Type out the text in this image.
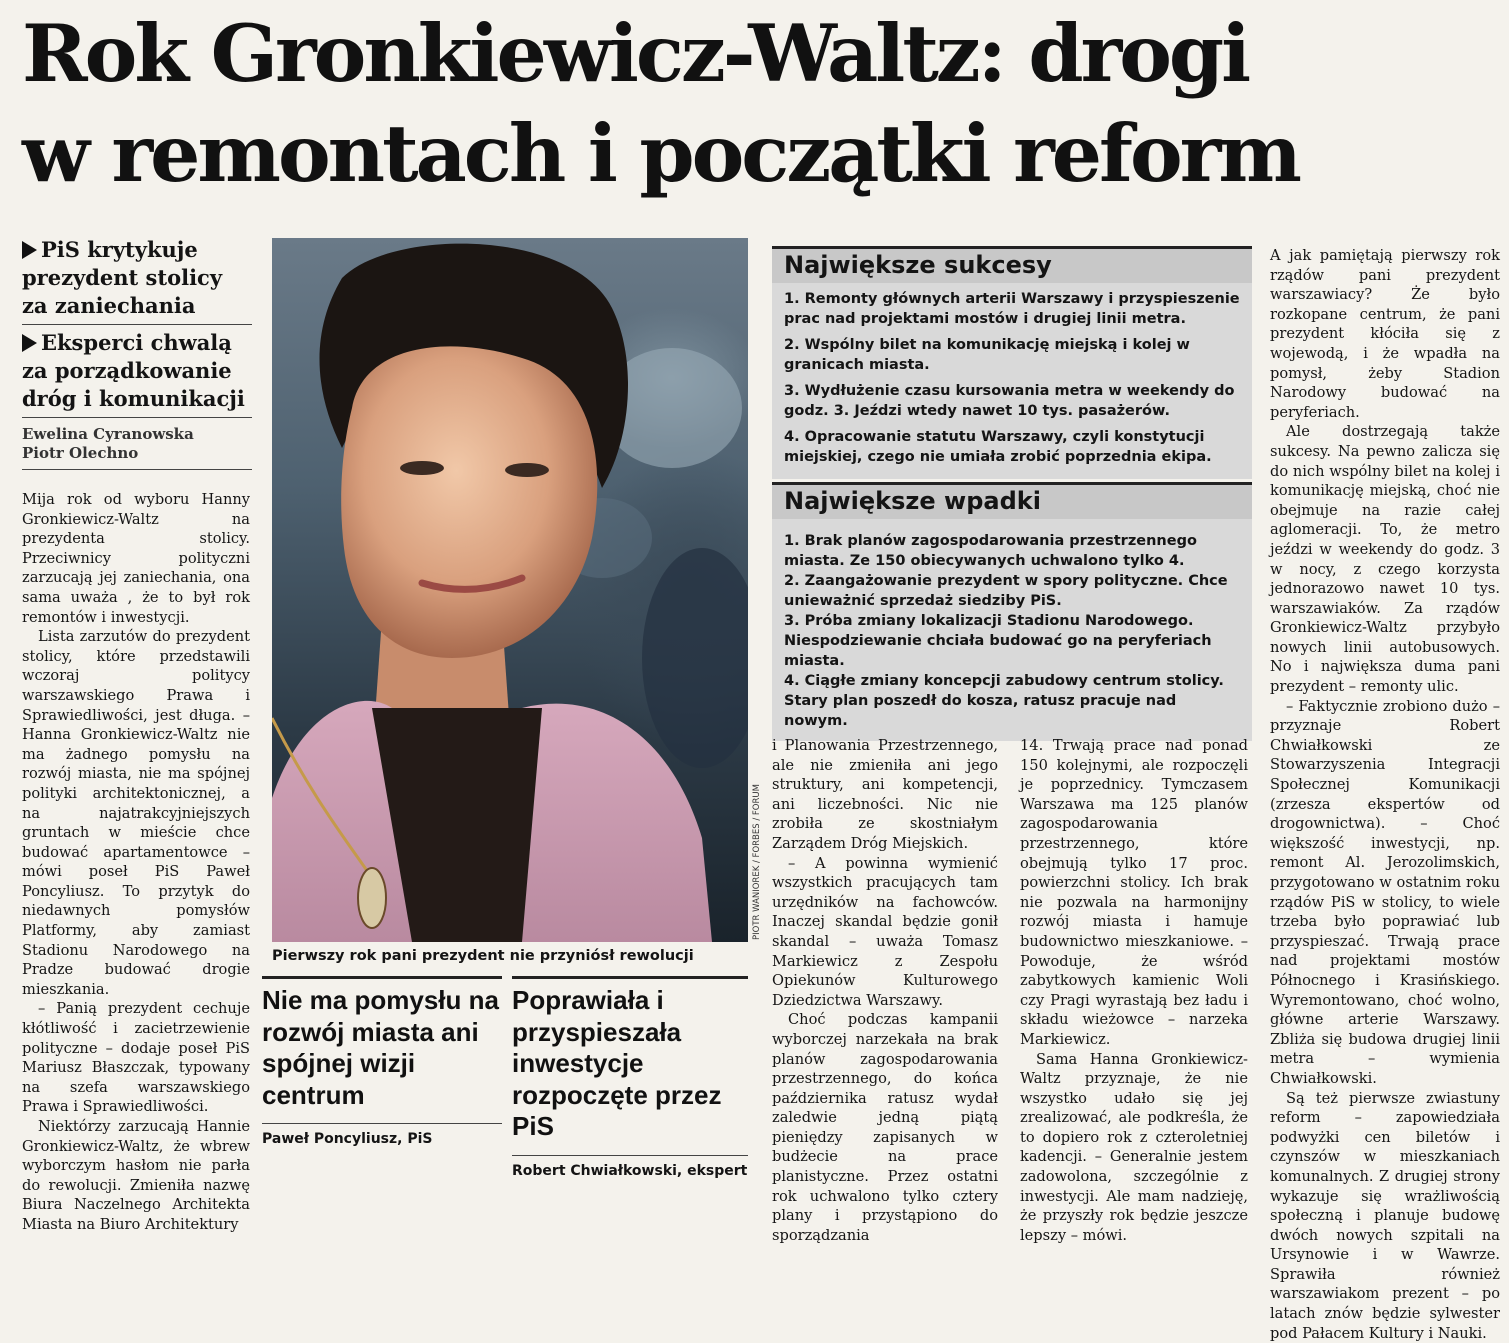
Rok Gronkiewicz-Waltz: drogi
w remontach i początki reform
PiS krytykuje prezydent stolicy za zaniechania
Eksperci chwalą za porządkowanie dróg i komunikacji
Ewelina Cyranowska
Piotr Olechno

Mija rok od wyboru Hanny Gronkiewicz-Waltz na prezydenta stolicy. Przeciwnicy polityczni zarzucają jej zaniechania, ona sama uważa , że to był rok remontów i inwestycji.

Lista zarzutów do prezydent stolicy, które przedstawili wczoraj politycy warszawskiego Prawa i Sprawiedliwości, jest długa. – Hanna Gronkiewicz-Waltz nie ma żadnego pomysłu na rozwój miasta, nie ma spójnej polityki architektonicznej, a na najatrakcyjniejszych gruntach w mieście chce budować apartamentowce – mówi poseł PiS Paweł Poncyliusz. To przytyk do niedawnych pomysłów Platformy, aby zamiast Stadionu Narodowego na Pradze budować drogie mieszkania.

– Panią prezydent cechuje kłótliwość i zacietrzewienie polityczne – dodaje poseł PiS Mariusz Błaszczak, typowany na szefa warszawskiego Prawa i Sprawiedliwości.

Niektórzy zarzucają Hannie Gronkiewicz-Waltz, że wbrew wyborczym hasłom nie parła do rewolucji. Zmieniła nazwę Biura Naczelnego Architekta Miasta na Biuro Architektury

PIOTR WANIOREK / FORBES / FORUM
Pierwszy rok pani prezydent nie przyniósł rewolucji
Nie ma pomysłu na rozwój miasta ani spójnej wizji centrum
Paweł Poncyliusz, PiS
Poprawiała i przyspieszała inwestycje rozpoczęte przez PiS
Robert Chwiałkowski, ekspert
Największe sukcesy

1. Remonty głównych arterii Warszawy i przyspieszenie prac nad projektami mostów i drugiej linii metra.

2. Wspólny bilet na komunikację miejską i kolej w granicach miasta.

3. Wydłużenie czasu kursowania metra w weekendy do godz. 3. Jeździ wtedy nawet 10 tys. pasażerów.

4. Opracowanie statutu Warszawy, czyli konstytucji miejskiej, czego nie umiała zrobić poprzednia ekipa.

Największe wpadki

1. Brak planów zagospodarowania przestrzennego miasta. Ze 150 obiecywanych uchwalono tylko 4.

2. Zaangażowanie prezydent w spory polityczne. Chce unieważnić sprzedaż siedziby PiS.

3. Próba zmiany lokalizacji Stadionu Narodowego. Niespodziewanie chciała budować go na peryferiach miasta.

4. Ciągłe zmiany koncepcji zabudowy centrum stolicy. Stary plan poszedł do kosza, ratusz pracuje nad nowym.

i Planowania Przestrzennego, ale nie zmieniła ani jego struktury, ani kompetencji, ani liczebności. Nic nie zrobiła ze skostniałym Zarządem Dróg Miejskich.

– A powinna wymienić wszystkich pracujących tam urzędników na fachowców. Inaczej skandal będzie gonił skandal – uważa Tomasz Markiewicz z Zespołu Opiekunów Kulturowego Dziedzictwa Warszawy.

Choć podczas kampanii wyborczej narzekała na brak planów zagospodarowania przestrzennego, do końca października ratusz wydał zaledwie jedną piątą pieniędzy zapisanych w budżecie na prace planistyczne. Przez ostatni rok uchwalono tylko cztery plany i przystąpiono do sporządzania

14. Trwają prace nad ponad 150 kolejnymi, ale rozpoczęli je poprzednicy. Tymczasem Warszawa ma 125 planów zagospodarowania przestrzennego, które obejmują tylko 17 proc. powierzchni stolicy. Ich brak nie pozwala na harmonijny rozwój miasta i hamuje budownictwo mieszkaniowe. – Powoduje, że wśród zabytkowych kamienic Woli czy Pragi wyrastają bez ładu i składu wieżowce – narzeka Markiewicz.

Sama Hanna Gronkiewicz-Waltz przyznaje, że nie wszystko udało się jej zrealizować, ale podkreśla, że to dopiero rok z czteroletniej kadencji. – Generalnie jestem zadowolona, szczególnie z inwestycji. Ale mam nadzieję, że przyszły rok będzie jeszcze lepszy – mówi.

A jak pamiętają pierwszy rok rządów pani prezydent warszawiacy? Że było rozkopane centrum, że pani prezydent kłóciła się z wojewodą, i że wpadła na pomysł, żeby Stadion Narodowy budować na peryferiach.

Ale dostrzegają także sukcesy. Na pewno zalicza się do nich wspólny bilet na kolej i komunikację miejską, choć nie obejmuje na razie całej aglomeracji. To, że metro jeździ w weekendy do godz. 3 w nocy, z czego korzysta jednorazowo nawet 10 tys. warszawiaków. Za rządów Gronkiewicz-Waltz przybyło nowych linii autobusowych. No i największa duma pani prezydent – remonty ulic.

– Faktycznie zrobiono dużo – przyznaje Robert Chwiałkowski ze Stowarzyszenia Integracji Społecznej Komunikacji (zrzesza ekspertów od drogownictwa). – Choć większość inwestycji, np. remont Al. Jerozolimskich, przygotowano w ostatnim roku rządów PiS w stolicy, to wiele trzeba było poprawiać lub przyspieszać. Trwają prace nad projektami mostów Północnego i Krasińskiego. Wyremontowano, choć wolno, główne arterie Warszawy. Zbliża się budowa drugiej linii metra – wymienia Chwiałkowski.

Są też pierwsze zwiastuny reform – zapowiedziała podwyżki cen biletów i czynszów w mieszkaniach komunalnych. Z drugiej strony wykazuje się wrażliwością społeczną i planuje budowę dwóch nowych szpitali na Ursynowie i w Wawrze. Sprawiła również warszawiakom prezent – po latach znów będzie sylwester pod Pałacem Kultury i Nauki.
